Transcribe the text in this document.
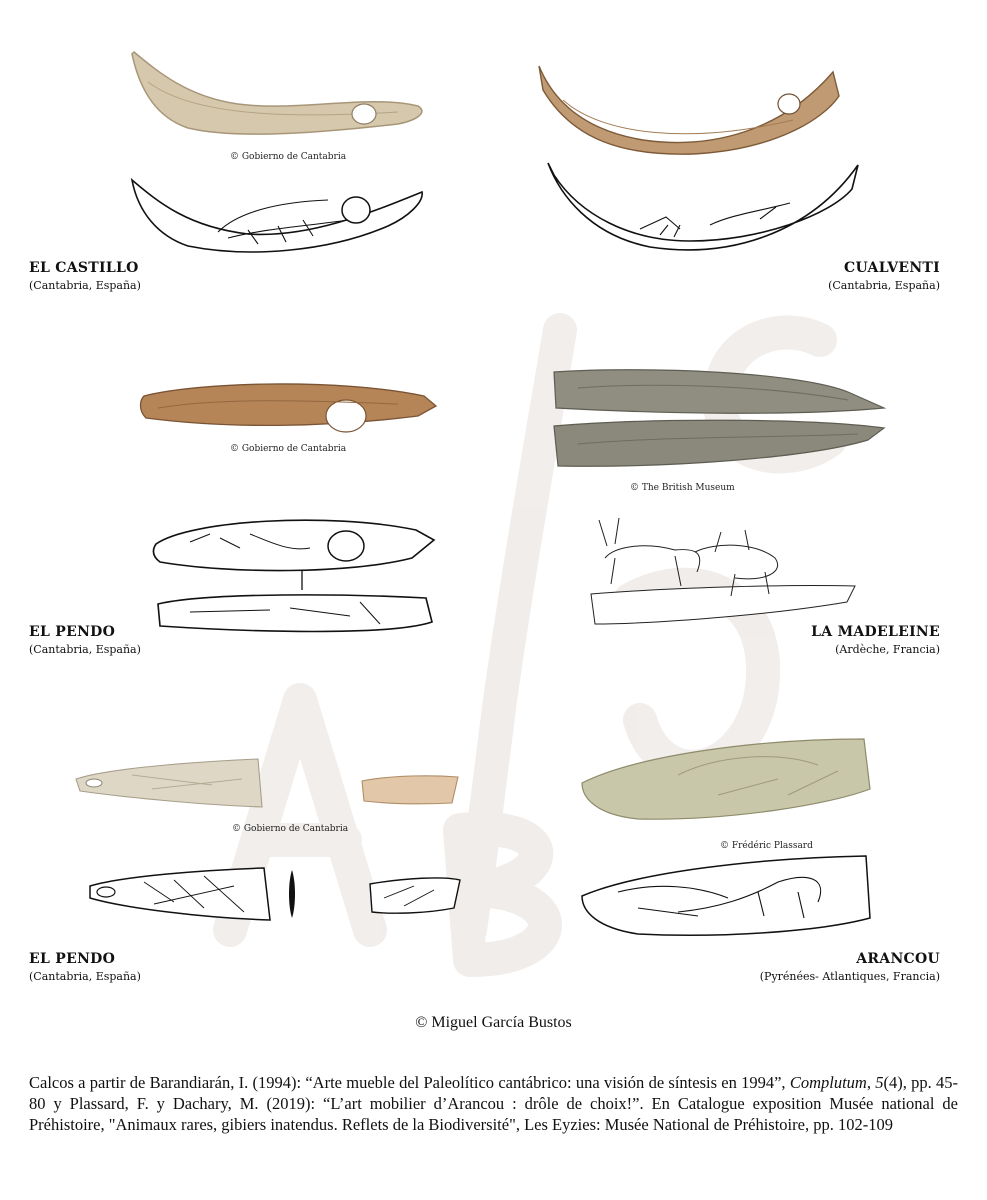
© Gobierno de Cantabria
EL CASTILLO
(Cantabria, España)
CUALVENTI
(Cantabria, España)
© Gobierno de Cantabria
EL PENDO
(Cantabria, España)
© The British Museum
LA MADELEINE
(Ardèche, Francia)
© Gobierno de Cantabria
EL PENDO
(Cantabria, España)
© Frédéric Plassard
ARANCOU
(Pyrénées- Atlantiques, Francia)
© Miguel García Bustos
Calcos a partir de Barandiarán, I. (1994): “Arte mueble del Paleolítico cantábrico: una visión de síntesis en 1994”, Complutum, 5(4), pp. 45-80 y Plassard, F. y Dachary, M. (2019): “L’art mobilier d’Arancou : drôle de choix!”. En Catalogue exposition Musée national de Préhistoire, "Animaux rares, gibiers inatendus. Reflets de la Biodiversité", Les Eyzies: Musée National de Préhistoire, pp. 102-109
